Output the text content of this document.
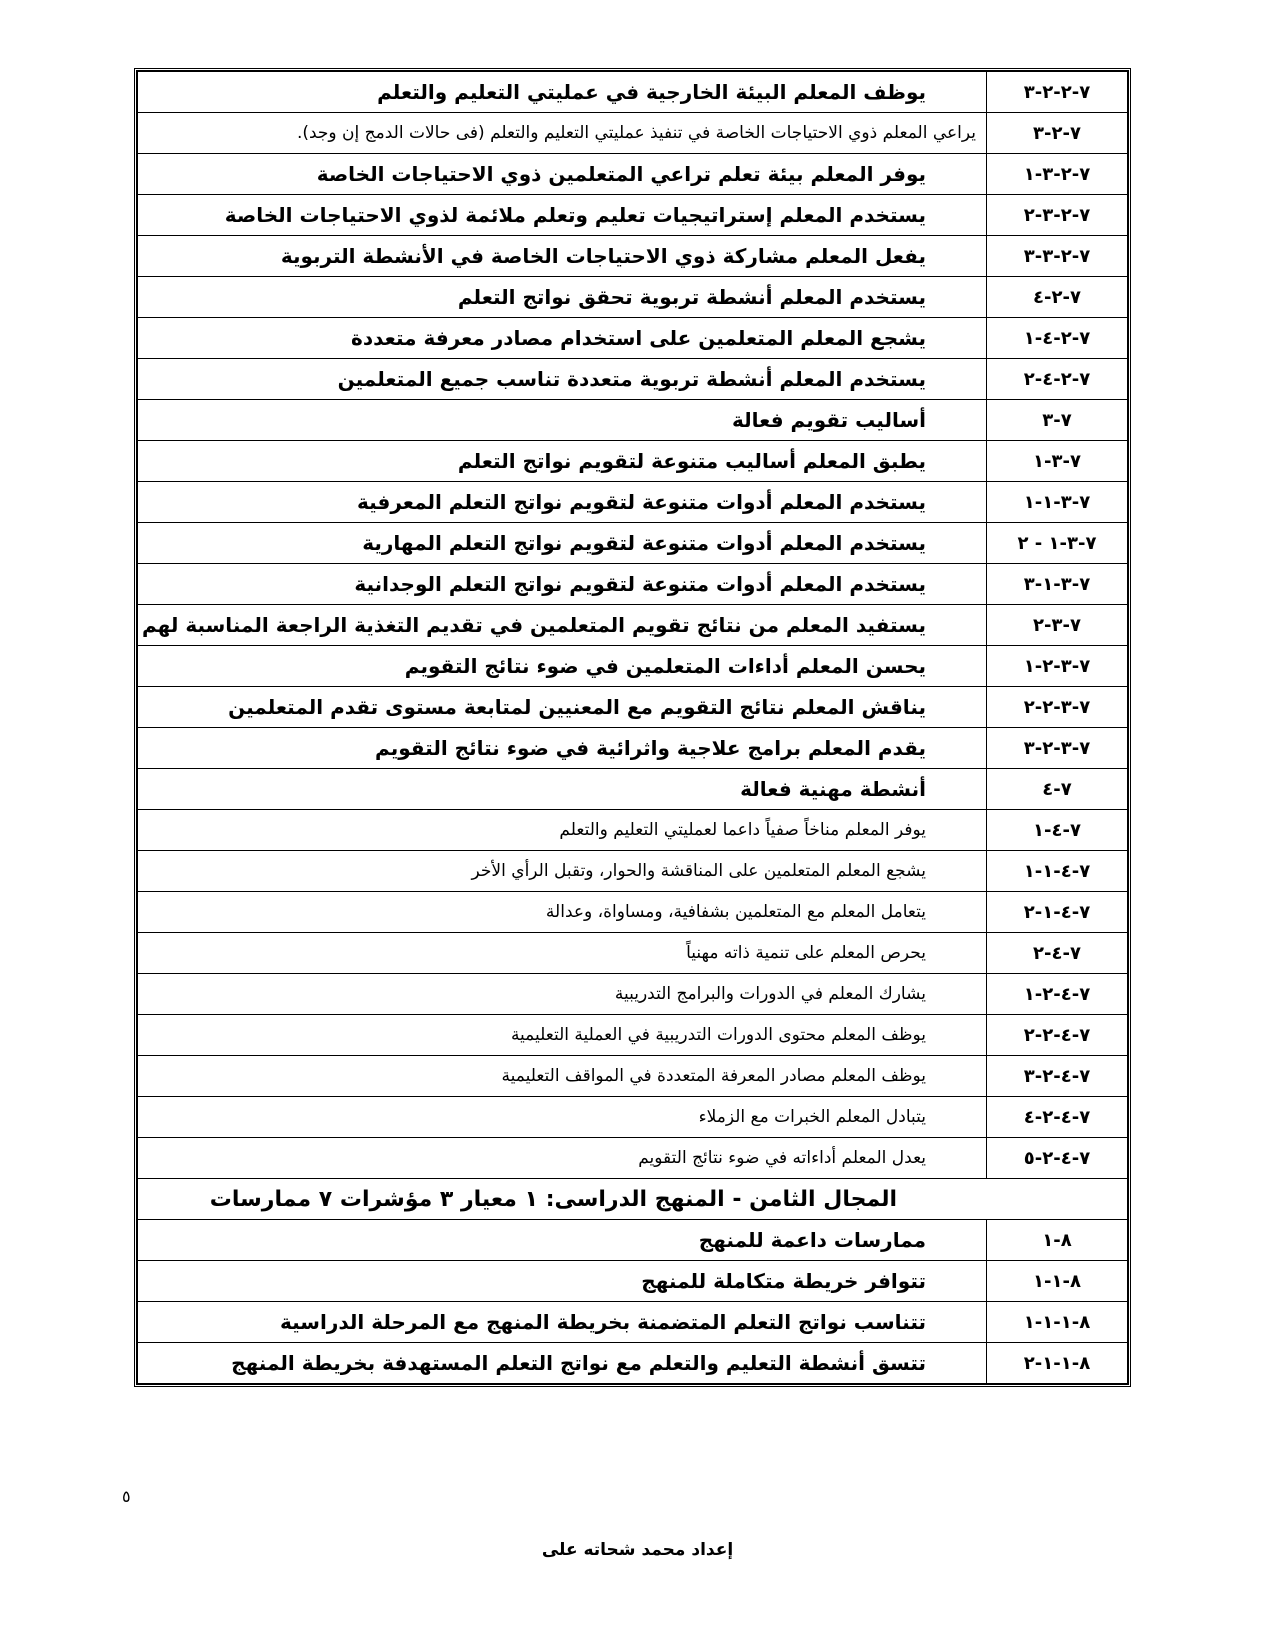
٧-٢-٢-٣	يوظف المعلم البيئة الخارجية في عمليتي التعليم والتعلم
٧-٢-٣	يراعي المعلم ذوي الاحتياجات الخاصة في تنفيذ عمليتي التعليم والتعلم (فى حالات الدمج إن وجد).
٧-٢-٣-١	يوفر المعلم بيئة تعلم تراعي المتعلمين ذوي الاحتياجات الخاصة
٧-٢-٣-٢	يستخدم المعلم إستراتيجيات تعليم وتعلم ملائمة لذوي الاحتياجات الخاصة
٧-٢-٣-٣	يفعل المعلم مشاركة ذوي الاحتياجات الخاصة في الأنشطة التربوية
٧-٢-٤	يستخدم المعلم أنشطة تربوية تحقق نواتج التعلم
٧-٢-٤-١	يشجع المعلم المتعلمين على استخدام مصادر معرفة متعددة
٧-٢-٤-٢	يستخدم المعلم أنشطة تربوية متعددة تناسب جميع المتعلمين
٧-٣	أساليب تقويم فعالة
٧-٣-١	يطبق المعلم أساليب متنوعة لتقويم نواتج التعلم
٧-٣-١-١	يستخدم المعلم أدوات متنوعة لتقويم نواتج التعلم المعرفية
٧-٣-١ - ٢	يستخدم المعلم أدوات متنوعة لتقويم نواتج التعلم المهارية
٧-٣-١-٣	يستخدم المعلم أدوات متنوعة لتقويم نواتج التعلم الوجدانية
٧-٣-٢	يستفيد المعلم من نتائج تقويم المتعلمين في تقديم التغذية الراجعة المناسبة لهم
٧-٣-٢-١	يحسن المعلم أداءات المتعلمين في ضوء نتائج التقويم
٧-٣-٢-٢	يناقش المعلم نتائج التقويم مع المعنيين لمتابعة مستوى تقدم المتعلمين
٧-٣-٢-٣	يقدم المعلم برامج علاجية واثرائية في ضوء نتائج التقويم
٧-٤	أنشطة مهنية فعالة
٧-٤-١	يوفر المعلم مناخاً صفياً داعما لعمليتي التعليم والتعلم
٧-٤-١-١	يشجع المعلم المتعلمين على المناقشة والحوار، وتقبل الرأي الأخر
٧-٤-١-٢	يتعامل المعلم مع المتعلمين بشفافية، ومساواة، وعدالة
٧-٤-٢	يحرص المعلم على تنمية ذاته مهنياً
٧-٤-٢-١	يشارك المعلم في الدورات والبرامج التدريبية
٧-٤-٢-٢	يوظف المعلم محتوى الدورات التدريبية في العملية التعليمية
٧-٤-٢-٣	يوظف المعلم مصادر المعرفة المتعددة في المواقف التعليمية
٧-٤-٢-٤	يتبادل المعلم الخبرات مع الزملاء
٧-٤-٢-٥	يعدل المعلم أداءاته في ضوء نتائج التقويم
المجال الثامن - المنهج الدراسى: ١ معيار ٣ مؤشرات ٧ ممارسات	
٨-١	ممارسات داعمة للمنهج
٨-١-١	تتوافر خريطة متكاملة للمنهج
٨-١-١-١	تتناسب نواتج التعلم المتضمنة بخريطة المنهج مع المرحلة الدراسية
٨-١-١-٢	تتسق أنشطة التعليم والتعلم مع نواتج التعلم المستهدفة بخريطة المنهج
٥
إعداد محمد شحاته على
